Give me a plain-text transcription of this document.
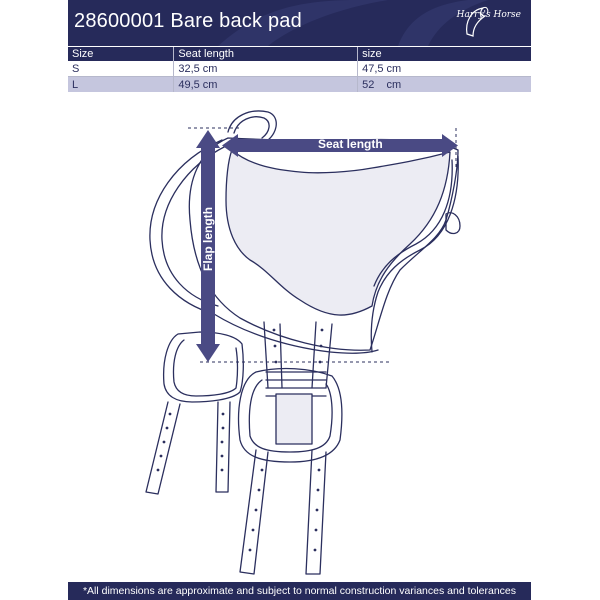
28600001 Bare back pad	Harry's Horse
Size	Seat length	size
S	32,5 cm	47,5 cm
L	49,5 cm	52    cm
Seat length
Flap length
*All dimensions are approximate and subject to normal construction variances and tolerances
